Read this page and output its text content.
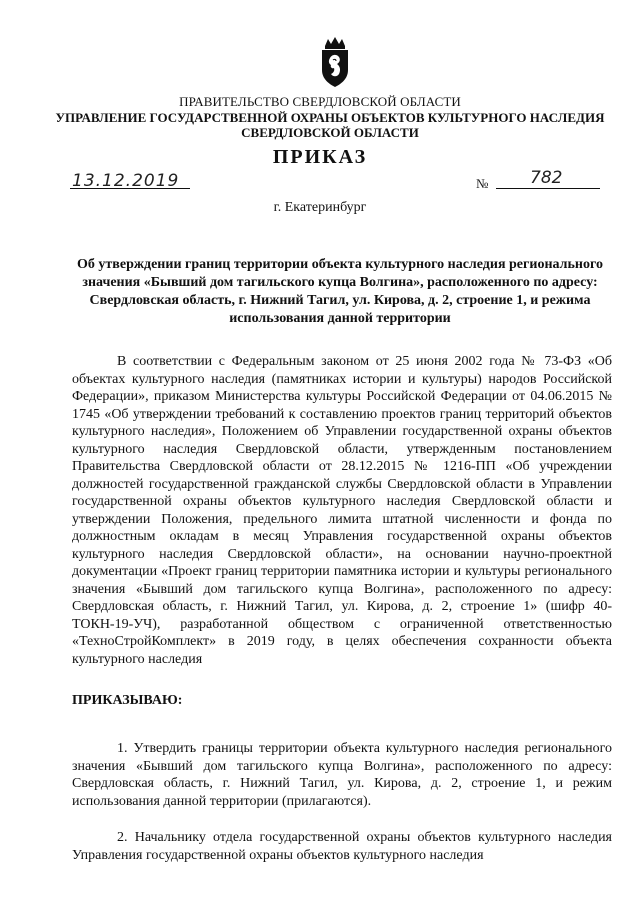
ПРАВИТЕЛЬСТВО СВЕРДЛОВСКОЙ ОБЛАСТИ
УПРАВЛЕНИЕ ГОСУДАРСТВЕННОЙ ОХРАНЫ ОБЪЕКТОВ КУЛЬТУРНОГО НАСЛЕДИЯ СВЕРДЛОВСКОЙ ОБЛАСТИ
ПРИКАЗ
13.12.2019	№ 782
г. Екатеринбург
Об утверждении границ территории объекта культурного наследия регионального значения «Бывший дом тагильского купца Волгина», расположенного по адресу: Свердловская область, г. Нижний Тагил, ул. Кирова, д. 2, строение 1, и режима использования данной территории
В соответствии с Федеральным законом от 25 июня 2002 года № 73-ФЗ «Об объектах культурного наследия (памятниках истории и культуры) народов Российской Федерации», приказом Министерства культуры Российской Федерации от 04.06.2015 № 1745 «Об утверждении требований к составлению проектов границ территорий объектов культурного наследия», Положением об Управлении государственной охраны объектов культурного наследия Свердловской области, утвержденным постановлением Правительства Свердловской области от 28.12.2015 № 1216-ПП «Об учреждении должностей государственной гражданской службы Свердловской области в Управлении государственной охраны объектов культурного наследия Свердловской области и утверждении Положения, предельного лимита штатной численности и фонда по должностным окладам в месяц Управления государственной охраны объектов культурного наследия Свердловской области», на основании научно-проектной документации «Проект границ территории памятника истории и культуры регионального значения «Бывший дом тагильского купца Волгина», расположенного по адресу: Свердловская область, г. Нижний Тагил, ул. Кирова, д. 2, строение 1» (шифр 40-ТОКН-19-УЧ), разработанной обществом с ограниченной ответственностью «ТехноСтройКомплект» в 2019 году, в целях обеспечения сохранности объекта культурного наследия
ПРИКАЗЫВАЮ:
1. Утвердить границы территории объекта культурного наследия регионального значения «Бывший дом тагильского купца Волгина», расположенного по адресу: Свердловская область, г. Нижний Тагил, ул. Кирова, д. 2, строение 1, и режим использования данной территории (прилагаются).
2. Начальнику отдела государственной охраны объектов культурного наследия Управления государственной охраны объектов культурного наследия
